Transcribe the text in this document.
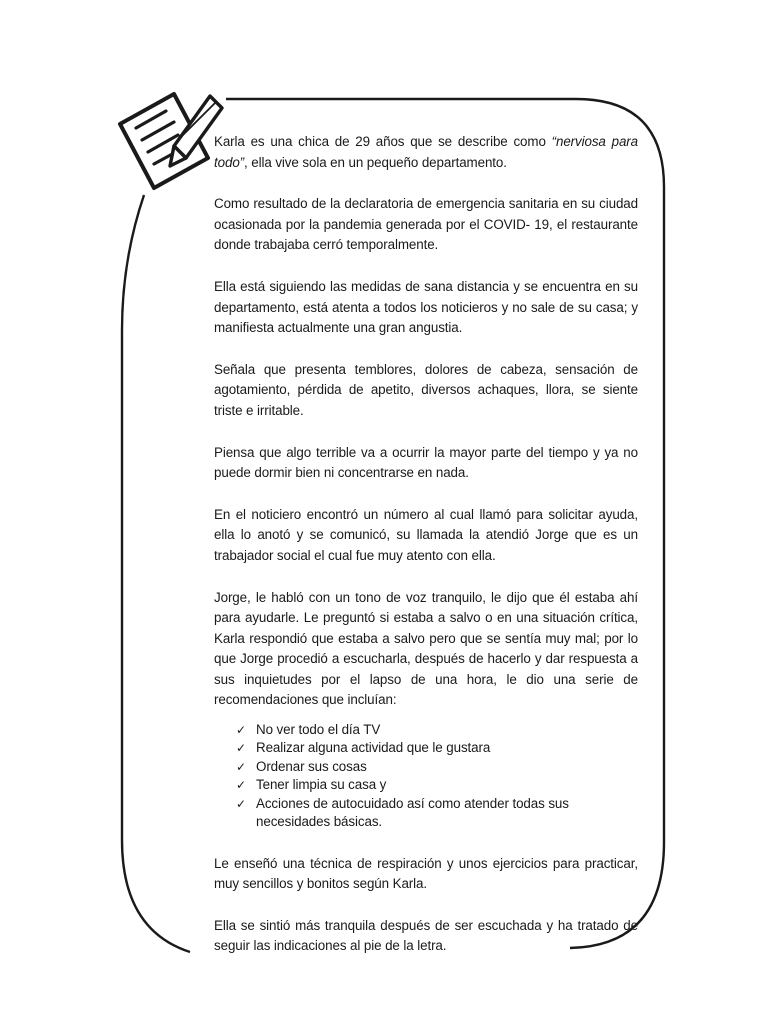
Karla es una chica de 29 años que se describe como “nerviosa para todo”, ella vive sola en un pequeño departamento.

Como resultado de la declaratoria de emergencia sanitaria en su ciudad ocasionada por la pandemia generada por el COVID- 19, el restaurante donde trabajaba cerró temporalmente.

Ella está siguiendo las medidas de sana distancia y se encuentra en su departamento, está atenta a todos los noticieros y no sale de su casa; y manifiesta actualmente una gran angustia.

Señala que presenta temblores, dolores de cabeza, sensación de agotamiento, pérdida de apetito, diversos achaques, llora, se siente triste e irritable.

Piensa que algo terrible va a ocurrir la mayor parte del tiempo y ya no puede dormir bien ni concentrarse en nada.

En el noticiero encontró un número al cual llamó para solicitar ayuda, ella lo anotó y se comunicó, su llamada la atendió Jorge que es un trabajador social el cual fue muy atento con ella.

Jorge, le habló con un tono de voz tranquilo, le dijo que él estaba ahí para ayudarle. Le preguntó si estaba a salvo o en una situación crítica, Karla respondió que estaba a salvo pero que se sentía muy mal; por lo que Jorge procedió a escucharla, después de hacerlo y dar respuesta a sus inquietudes por el lapso de una hora, le dio una serie de recomendaciones que incluían:

✓ No ver todo el día TV
✓ Realizar alguna actividad que le gustara
✓ Ordenar sus cosas
✓ Tener limpia su casa y
✓ Acciones de autocuidado así como atender todas sus necesidades básicas.

Le enseñó una técnica de respiración y unos ejercicios para practicar, muy sencillos y bonitos según Karla.

Ella se sintió más tranquila después de ser escuchada y ha tratado de seguir las indicaciones al pie de la letra.
